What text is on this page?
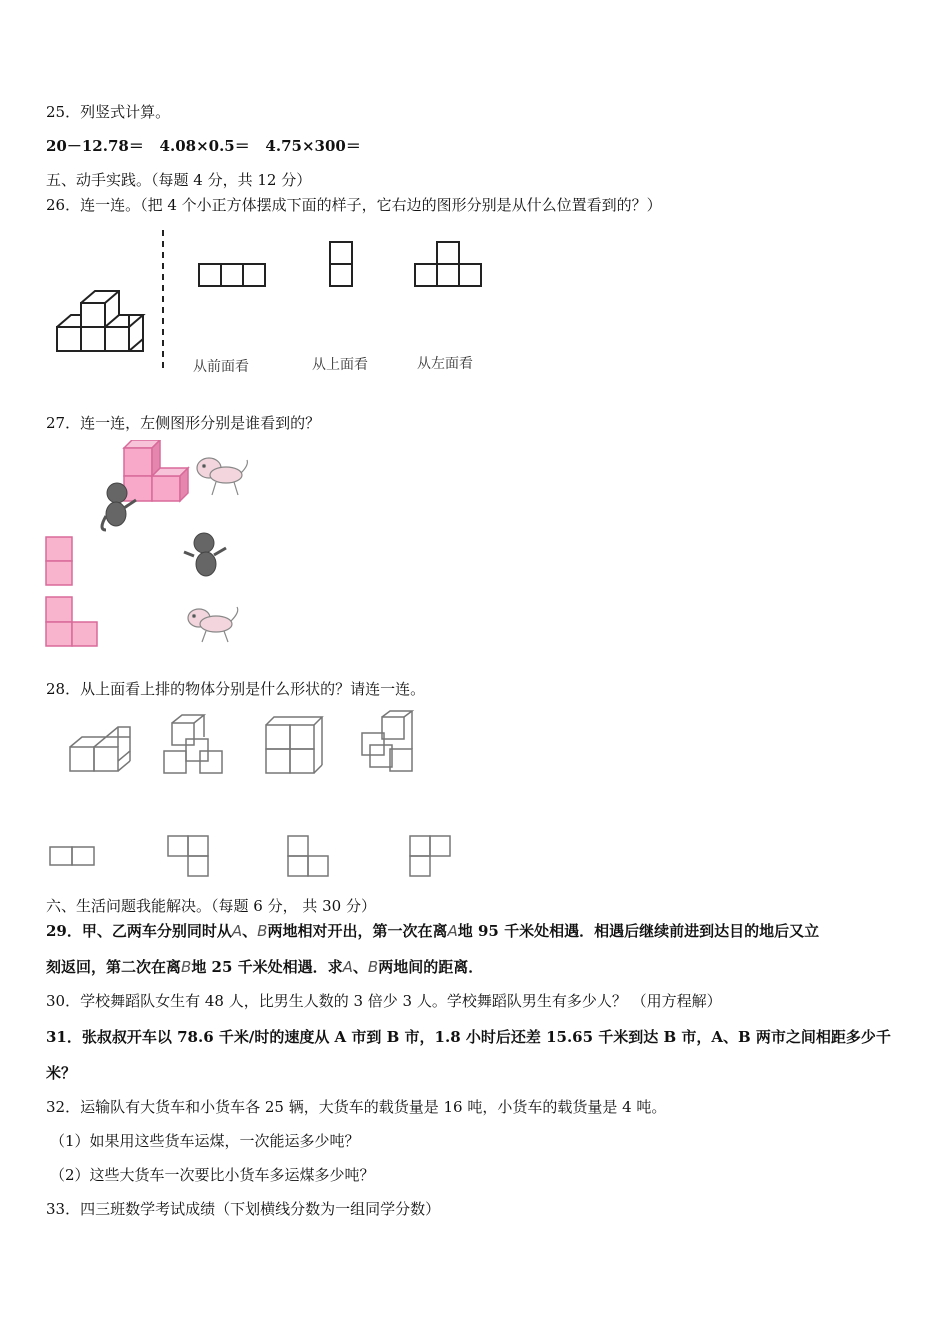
25．列竖式计算。
20－12.78＝ 4.08×0.5＝ 4.75×300＝
五、动手实践。（每题 4 分，共 12 分）
26．连一连。（把 4 个小正方体摆成下面的样子，它右边的图形分别是从什么位置看到的？）
从前面看	从上面看	从左面看
27．连一连，左侧图形分别是谁看到的？
28．从上面看上排的物体分别是什么形状的？请连一连。
六、生活问题我能解决。（每题 6 分， 共 30 分）
29．甲、乙两车分别同时从A、B两地相对开出，第一次在离A地 95 千米处相遇．相遇后继续前进到达目的地后又立
刻返回，第二次在离B地 25 千米处相遇．求A、B两地间的距离．
30．学校舞蹈队女生有 48 人，比男生人数的 3 倍少 3 人。学校舞蹈队男生有多少人？ （用方程解）
31．张叔叔开车以 78.6 千米/时的速度从 A 市到 B 市，1.8 小时后还差 15.65 千米到达 B 市，A、B 两市之间相距多少千
米？
32．运输队有大货车和小货车各 25 辆，大货车的载货量是 16 吨，小货车的载货量是 4 吨。
（1）如果用这些货车运煤，一次能运多少吨？
（2）这些大货车一次要比小货车多运煤多少吨？
33．四三班数学考试成绩（下划横线分数为一组同学分数）
